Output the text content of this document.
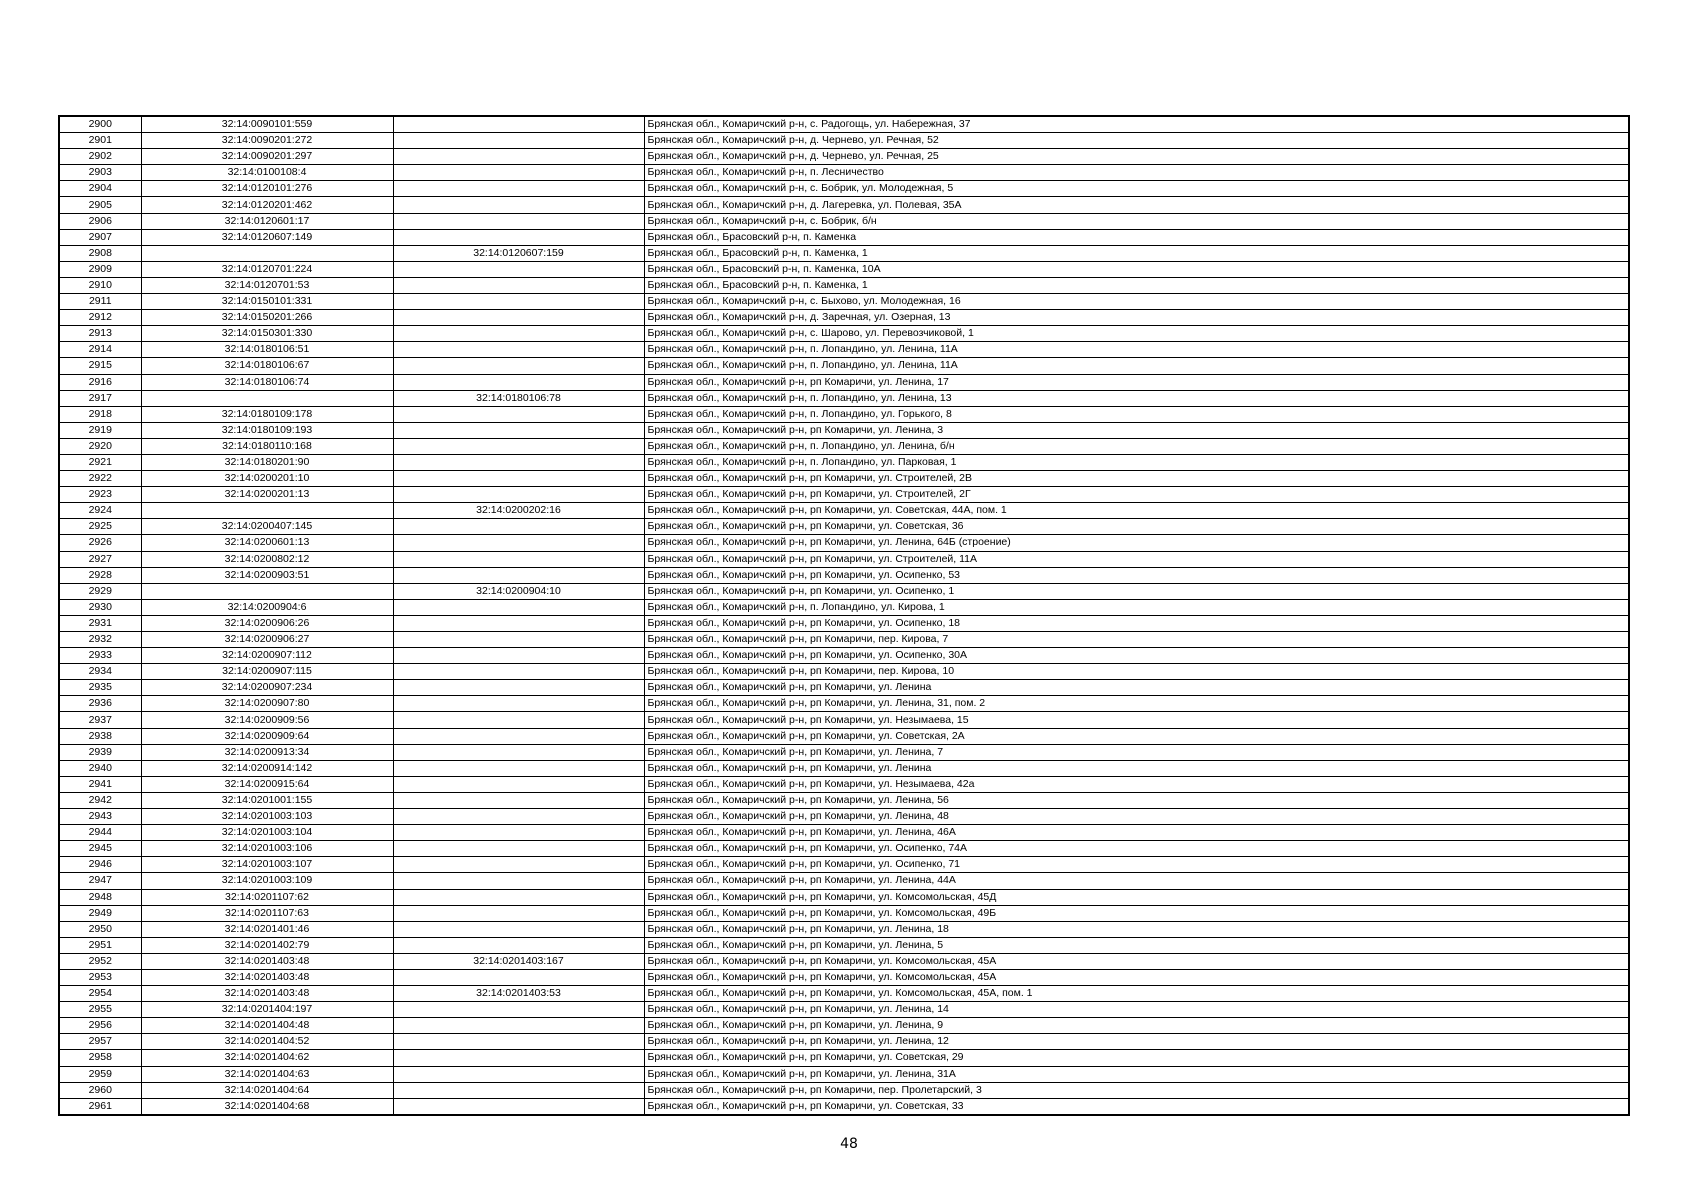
2900	32:14:0090101:559		Брянская обл., Комаричский р-н, с. Радогощь, ул. Набережная, 37
2901	32:14:0090201:272		Брянская обл., Комаричский р-н, д. Чернево, ул. Речная, 52
2902	32:14:0090201:297		Брянская обл., Комаричский р-н, д. Чернево, ул. Речная, 25
2903	32:14:0100108:4		Брянская обл., Комаричский р-н, п. Лесничество
2904	32:14:0120101:276		Брянская обл., Комаричский р-н, с. Бобрик, ул. Молодежная, 5
2905	32:14:0120201:462		Брянская обл., Комаричский р-н, д. Лагеревка, ул. Полевая, 35А
2906	32:14:0120601:17		Брянская обл., Комаричский р-н, с. Бобрик, б/н
2907	32:14:0120607:149		Брянская обл., Брасовский р-н, п. Каменка
2908		32:14:0120607:159	Брянская обл., Брасовский р-н, п. Каменка, 1
2909	32:14:0120701:224		Брянская обл., Брасовский р-н, п. Каменка, 10А
2910	32:14:0120701:53		Брянская обл., Брасовский р-н, п. Каменка, 1
2911	32:14:0150101:331		Брянская обл., Комаричский р-н, с. Быхово, ул. Молодежная, 16
2912	32:14:0150201:266		Брянская обл., Комаричский р-н, д. Заречная, ул. Озерная, 13
2913	32:14:0150301:330		Брянская обл., Комаричский р-н, с. Шарово, ул. Перевозчиковой, 1
2914	32:14:0180106:51		Брянская обл., Комаричский р-н, п. Лопандино, ул. Ленина, 11А
2915	32:14:0180106:67		Брянская обл., Комаричский р-н, п. Лопандино, ул. Ленина, 11А
2916	32:14:0180106:74		Брянская обл., Комаричский р-н, рп Комаричи, ул. Ленина, 17
2917		32:14:0180106:78	Брянская обл., Комаричский р-н, п. Лопандино, ул. Ленина, 13
2918	32:14:0180109:178		Брянская обл., Комаричский р-н, п. Лопандино, ул. Горького, 8
2919	32:14:0180109:193		Брянская обл., Комаричский р-н, рп Комаричи, ул. Ленина, 3
2920	32:14:0180110:168		Брянская обл., Комаричский р-н, п. Лопандино, ул. Ленина, б/н
2921	32:14:0180201:90		Брянская обл., Комаричский р-н, п. Лопандино, ул. Парковая, 1
2922	32:14:0200201:10		Брянская обл., Комаричский р-н, рп Комаричи, ул. Строителей, 2В
2923	32:14:0200201:13		Брянская обл., Комаричский р-н, рп Комаричи, ул. Строителей, 2Г
2924		32:14:0200202:16	Брянская обл., Комаричский р-н, рп Комаричи, ул. Советская, 44А, пом. 1
2925	32:14:0200407:145		Брянская обл., Комаричский р-н, рп Комаричи, ул. Советская, 36
2926	32:14:0200601:13		Брянская обл., Комаричский р-н, рп Комаричи, ул. Ленина, 64Б (строение)
2927	32:14:0200802:12		Брянская обл., Комаричский р-н, рп Комаричи, ул. Строителей, 11А
2928	32:14:0200903:51		Брянская обл., Комаричский р-н, рп Комаричи, ул. Осипенко, 53
2929		32:14:0200904:10	Брянская обл., Комаричский р-н, рп Комаричи, ул. Осипенко, 1
2930	32:14:0200904:6		Брянская обл., Комаричский р-н, п. Лопандино, ул. Кирова, 1
2931	32:14:0200906:26		Брянская обл., Комаричский р-н, рп Комаричи, ул. Осипенко, 18
2932	32:14:0200906:27		Брянская обл., Комаричский р-н, рп Комаричи, пер. Кирова, 7
2933	32:14:0200907:112		Брянская обл., Комаричский р-н, рп Комаричи, ул. Осипенко, 30А
2934	32:14:0200907:115		Брянская обл., Комаричский р-н, рп Комаричи, пер. Кирова, 10
2935	32:14:0200907:234		Брянская обл., Комаричский р-н, рп Комаричи, ул. Ленина
2936	32:14:0200907:80		Брянская обл., Комаричский р-н, рп Комаричи, ул. Ленина, 31, пом. 2
2937	32:14:0200909:56		Брянская обл., Комаричский р-н, рп Комаричи, ул. Незымаева, 15
2938	32:14:0200909:64		Брянская обл., Комаричский р-н, рп Комаричи, ул. Советская, 2А
2939	32:14:0200913:34		Брянская обл., Комаричский р-н, рп Комаричи, ул. Ленина, 7
2940	32:14:0200914:142		Брянская обл., Комаричский р-н, рп Комаричи, ул. Ленина
2941	32:14:0200915:64		Брянская обл., Комаричский р-н, рп Комаричи, ул. Незымаева, 42а
2942	32:14:0201001:155		Брянская обл., Комаричский р-н, рп Комаричи, ул. Ленина, 56
2943	32:14:0201003:103		Брянская обл., Комаричский р-н, рп Комаричи, ул. Ленина, 48
2944	32:14:0201003:104		Брянская обл., Комаричский р-н, рп Комаричи, ул. Ленина, 46А
2945	32:14:0201003:106		Брянская обл., Комаричский р-н, рп Комаричи, ул. Осипенко, 74А
2946	32:14:0201003:107		Брянская обл., Комаричский р-н, рп Комаричи, ул. Осипенко, 71
2947	32:14:0201003:109		Брянская обл., Комаричский р-н, рп Комаричи, ул. Ленина, 44А
2948	32:14:0201107:62		Брянская обл., Комаричский р-н, рп Комаричи, ул. Комсомольская, 45Д
2949	32:14:0201107:63		Брянская обл., Комаричский р-н, рп Комаричи, ул. Комсомольская, 49Б
2950	32:14:0201401:46		Брянская обл., Комаричский р-н, рп Комаричи, ул. Ленина, 18
2951	32:14:0201402:79		Брянская обл., Комаричский р-н, рп Комаричи, ул. Ленина, 5
2952	32:14:0201403:48	32:14:0201403:167	Брянская обл., Комаричский р-н, рп Комаричи, ул. Комсомольская, 45А
2953	32:14:0201403:48		Брянская обл., Комаричский р-н, рп Комаричи, ул. Комсомольская, 45А
2954	32:14:0201403:48	32:14:0201403:53	Брянская обл., Комаричский р-н, рп Комаричи, ул. Комсомольская, 45А, пом. 1
2955	32:14:0201404:197		Брянская обл., Комаричский р-н, рп Комаричи, ул. Ленина, 14
2956	32:14:0201404:48		Брянская обл., Комаричский р-н, рп Комаричи, ул. Ленина, 9
2957	32:14:0201404:52		Брянская обл., Комаричский р-н, рп Комаричи, ул. Ленина, 12
2958	32:14:0201404:62		Брянская обл., Комаричский р-н, рп Комаричи, ул. Советская, 29
2959	32:14:0201404:63		Брянская обл., Комаричский р-н, рп Комаричи, ул. Ленина, 31А
2960	32:14:0201404:64		Брянская обл., Комаричский р-н, рп Комаричи, пер. Пролетарский, 3
2961	32:14:0201404:68		Брянская обл., Комаричский р-н, рп Комаричи, ул. Советская, 33
48
